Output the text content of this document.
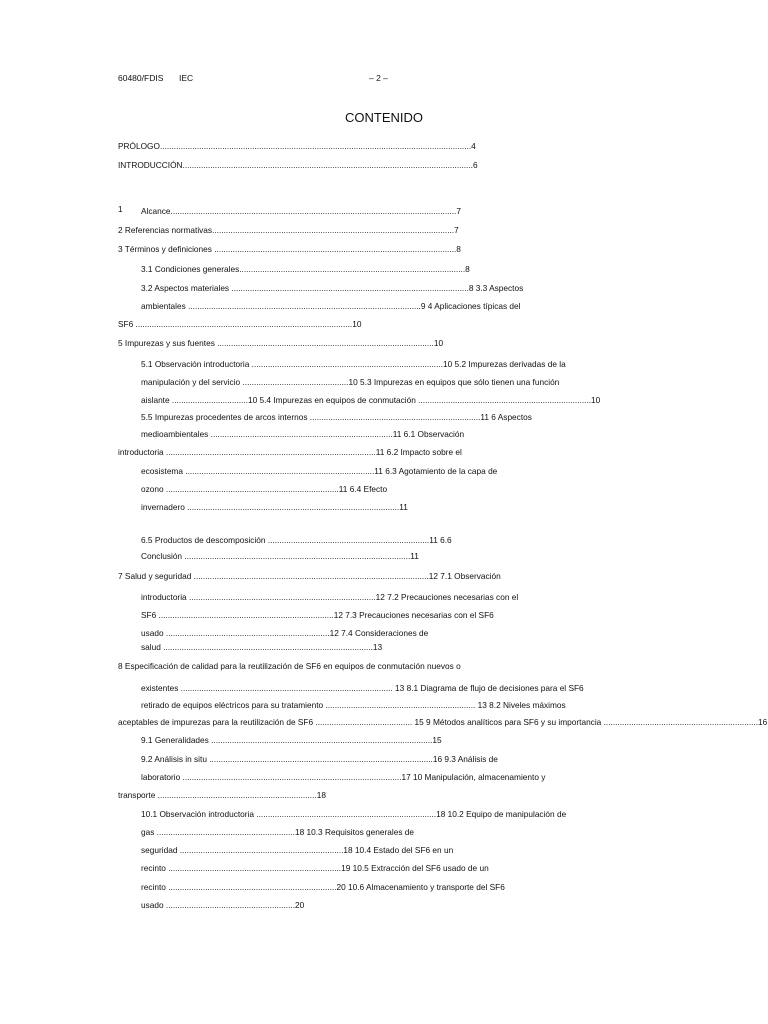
60480/FDIS IEC	– 2 –
CONTENIDO
PRÓLOGO.......................................................................................................................................4
INTRODUCCIÓN..............................................................................................................................6
1 Alcance............................................................................................................................7
2 Referencias normativas.........................................................................................................7
3 Términos y definiciones .........................................................................................................8
3.1 Condiciones generales..................................................................................................8
3.2 Aspectos materiales .......................................................................................................8 3.3 Aspectos
ambientales .....................................................................................................9 4 Aplicaciones típicas del
SF6 ..............................................................................................10
5 Impurezas y sus fuentes ..............................................................................................10
5.1 Observación introductoria ...................................................................................10 5.2 Impurezas derivadas de la
manipulación y del servicio ..............................................10 5.3 Impurezas en equipos que sólo tienen una función
aislante .................................10 5.4 Impurezas en equipos de conmutación ...........................................................................10
5.5 Impurezas procedentes de arcos internos ..........................................................................11 6 Aspectos
medioambientales ...............................................................................11 6.1 Observación
introductoria ...........................................................................................11 6.2 Impacto sobre el
ecosistema ..................................................................................11 6.3 Agotamiento de la capa de
ozono ...........................................................................11 6.4 Efecto
invernadero ............................................................................................11
6.5 Productos de descomposición ......................................................................11 6.6
Conclusión ..................................................................................................11
7 Salud y seguridad ......................................................................................................12 7.1 Observación
introductoria .................................................................................12 7.2 Precauciones necesarias con el
SF6 ............................................................................12 7.3 Precauciones necesarias con el SF6
usado .......................................................................12 7.4 Consideraciones de
salud ...........................................................................................13
8 Especificación de calidad para la reutilización de SF6 en equipos de conmutación nuevos o
existentes ............................................................................................ 13 8.1 Diagrama de flujo de decisiones para el SF6
retirado de equipos eléctricos para su tratamiento ................................................................. 13 8.2 Niveles máximos
aceptables de impurezas para la reutilización de SF6 .......................................... 15 9 Métodos analíticos para SF6 y su importancia ...................................................................16
9.1 Generalidades ................................................................................................15
9.2 Análisis in situ .................................................................................................16 9.3 Análisis de
laboratorio ...............................................................................................17 10 Manipulación, almacenamiento y
transporte .....................................................................18
10.1 Observación introductoria ..............................................................................18 10.2 Equipo de manipulación de
gas ............................................................18 10.3 Requisitos generales de
seguridad .......................................................................18 10.4 Estado del SF6 en un
recinto ...........................................................................19 10.5 Extracción del SF6 usado de un
recinto .........................................................................20 10.6 Almacenamiento y transporte del SF6
usado ........................................................20
